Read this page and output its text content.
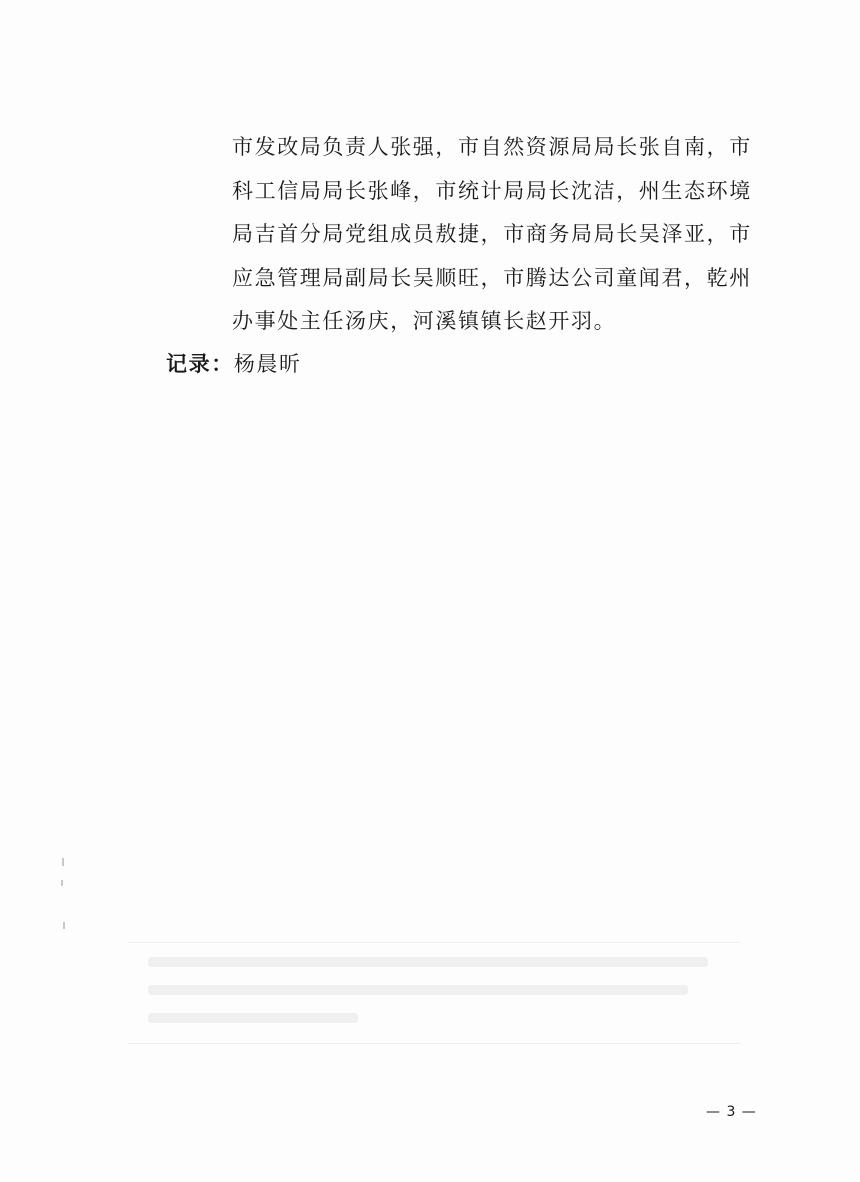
市发改局负责人张强，市自然资源局局长张自南，市
科工信局局长张峰，市统计局局长沈洁，州生态环境
局吉首分局党组成员敖捷，市商务局局长吴泽亚，市
应急管理局副局长吴顺旺，市腾达公司童闻君，乾州
办事处主任汤庆，河溪镇镇长赵开羽。

记录：杨晨昕
— 3 —
